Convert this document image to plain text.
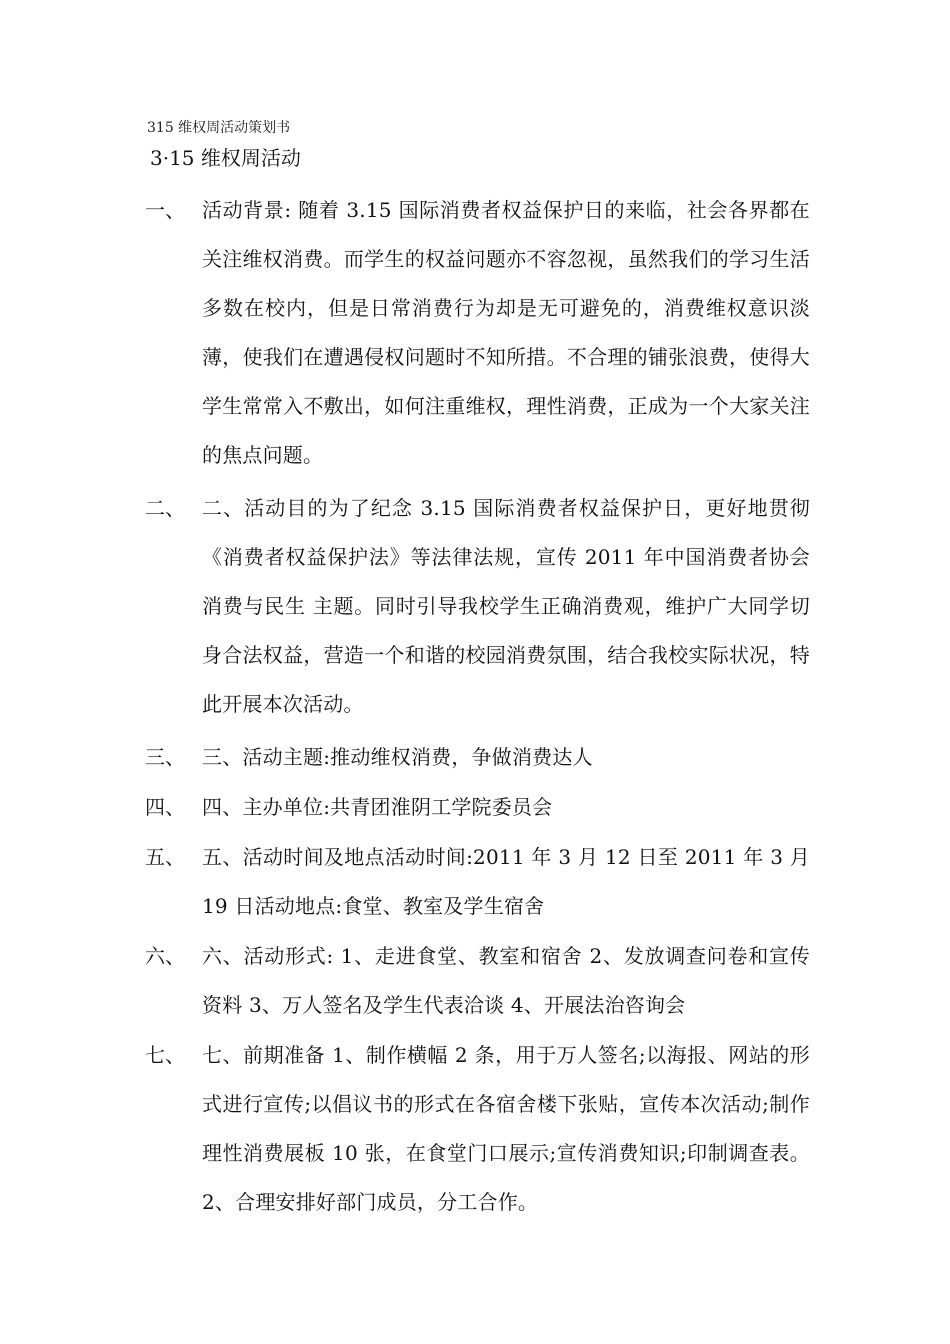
315 维权周活动策划书
3·15 维权周活动
一、 活动背景: 随着 3.15 国际消费者权益保护日的来临，社会各界都在关注维权消费。而学生的权益问题亦不容忽视，虽然我们的学习生活多数在校内，但是日常消费行为却是无可避免的，消费维权意识淡薄，使我们在遭遇侵权问题时不知所措。不合理的铺张浪费，使得大学生常常入不敷出，如何注重维权，理性消费，正成为一个大家关注的焦点问题。
二、 二、活动目的为了纪念 3.15 国际消费者权益保护日，更好地贯彻《消费者权益保护法》等法律法规，宣传 2011 年中国消费者协会 消费与民生 主题。同时引导我校学生正确消费观，维护广大同学切身合法权益，营造一个和谐的校园消费氛围，结合我校实际状况，特此开展本次活动。
三、 三、活动主题:推动维权消费，争做消费达人
四、 四、主办单位:共青团淮阴工学院委员会
五、 五、活动时间及地点活动时间:2011 年 3 月 12 日至 2011 年 3 月 19 日活动地点:食堂、教室及学生宿舍
六、 六、活动形式: 1、走进食堂、教室和宿舍 2、发放调查问卷和宣传资料 3、万人签名及学生代表洽谈 4、开展法治咨询会
七、 七、前期准备 1、制作横幅 2 条，用于万人签名;以海报、网站的形式进行宣传;以倡议书的形式在各宿舍楼下张贴，宣传本次活动;制作理性消费展板 10 张，在食堂门口展示;宣传消费知识;印制调查表。 2、合理安排好部门成员，分工合作。
